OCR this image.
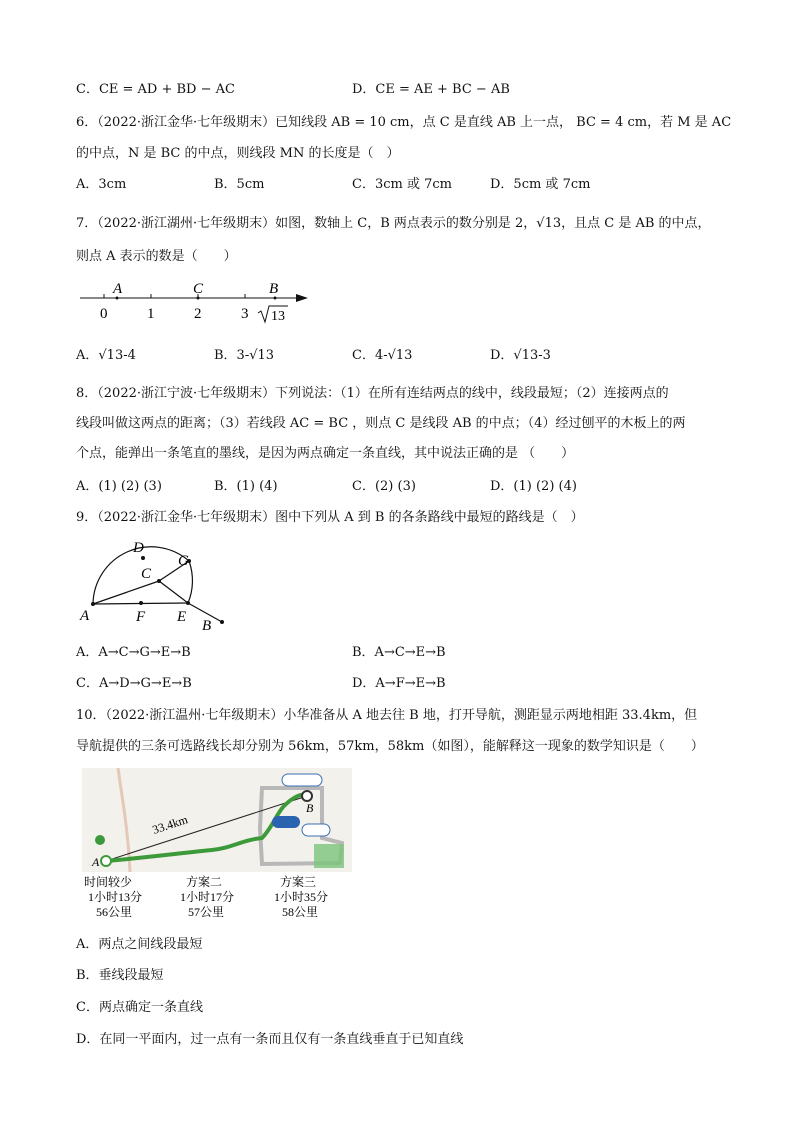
C．CE = AD + BD − AC	D．CE = AE + BC − AB
6．（2022·浙江金华·七年级期末）已知线段 AB = 10 cm，点 C 是直线 AB 上一点， BC = 4 cm，若 M 是 AC
的中点，N 是 BC 的中点，则线段 MN 的长度是（　）
A．3cm	B．5cm	C．3cm 或 7cm	D．5cm 或 7cm
7．（2022·浙江湖州·七年级期末）如图，数轴上 C，B 两点表示的数分别是 2，√13，且点 C 是 AB 的中点，
则点 A 表示的数是（　　）
A	C	B
0	1	2	3 13
A．√13-4	B．3-√13	C．4-√13	D．√13-3
8．（2022·浙江宁波·七年级期末）下列说法：（1）在所有连结两点的线中，线段最短；（2）连接两点的
线段叫做这两点的距离；（3）若线段 AC = BC ，则点 C 是线段 AB 的中点；（4）经过刨平的木板上的两
个点，能弹出一条笔直的墨线，是因为两点确定一条直线，其中说法正确的是 （　　）
A．(1) (2) (3)	B．(1) (4)	C．(2) (3)	D．(1) (2) (4)
9．（2022·浙江金华·七年级期末）图中下列从 A 到 B 的各条路线中最短的路线是（　）
D
G
C
A	F E
B
A．A→C→G→E→B	B．A→C→E→B
C．A→D→G→E→B	D．A→F→E→B
10．（2022·浙江温州·七年级期末）小华准备从 A 地去往 B 地，打开导航，测距显示两地相距 33.4km，但
导航提供的三条可选路线长却分别为 56km，57km，58km（如图），能解释这一现象的数学知识是（　　）
33.4km
A
B
时间较少
1小时13分
56公里
方案二
1小时17分
57公里
方案三
1小时35分
58公里
A．两点之间线段最短
B．垂线段最短
C．两点确定一条直线
D．在同一平面内，过一点有一条而且仅有一条直线垂直于已知直线
